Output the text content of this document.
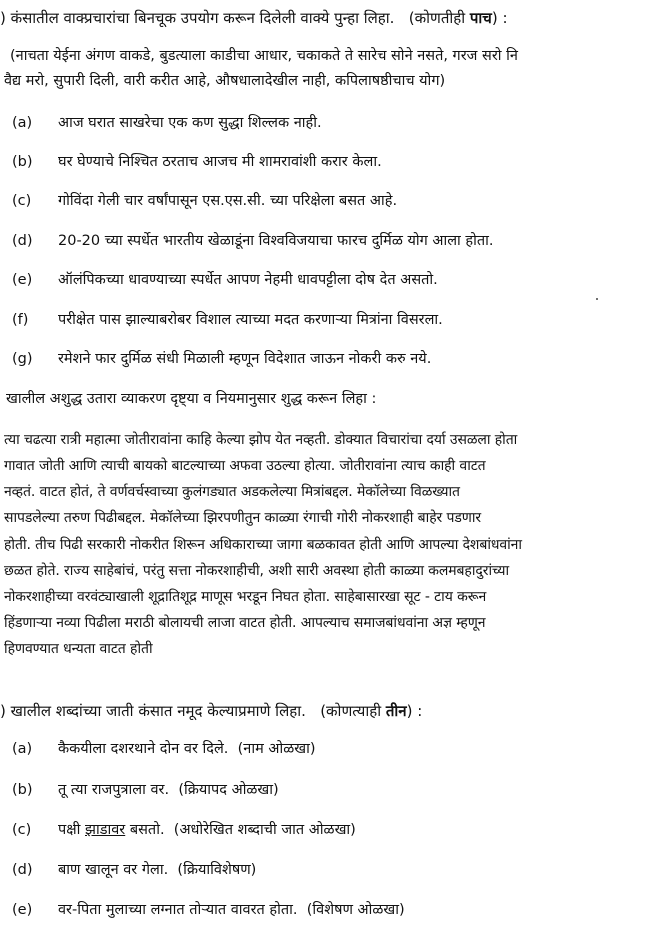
) कंसातील वाक्प्रचारांचा बिनचूक उपयोग करून दिलेली वाक्ये पुन्हा लिहा. (कोणतीही पाच) :
(नाचता येईना अंगण वाकडे, बुडत्याला काडीचा आधार, चकाकते ते सारेच सोने नसते, गरज सरो नि
वैद्य मरो, सुपारी दिली, वारी करीत आहे, औषधालादेखील नाही, कपिलाषष्ठीचाच योग)
(a) आज घरात साखरेचा एक कण सुद्धा शिल्लक नाही.
(b) घर घेण्याचे निश्चित ठरताच आजच मी शामरावांशी करार केला.
(c) गोविंदा गेली चार वर्षांपासून एस.एस.सी. च्या परिक्षेला बसत आहे.
(d) 20-20 च्या स्पर्धेत भारतीय खेळाडूंना विश्वविजयाचा फारच दुर्मिळ योग आला होता.
(e) ऑलंपिकच्या धावण्याच्या स्पर्धेत आपण नेहमी धावपट्टीला दोष देत असतो.
(f) परीक्षेत पास झाल्याबरोबर विशाल त्याच्या मदत करणाऱ्या मित्रांना विसरला.
(g) रमेशने फार दुर्मिळ संधी मिळाली म्हणून विदेशात जाऊन नोकरी करु नये.
खालील अशुद्ध उतारा व्याकरण दृष्ट्या व नियमानुसार शुद्ध करून लिहा :
त्या चढत्या रात्री महात्मा जोतीरावांना काहि केल्या झोप येत नव्हती. डोक्यात विचारांचा दर्या उसळला होता
गावात जोती आणि त्याची बायको बाटल्याच्या अफवा उठल्या होत्या. जोतीरावांना त्याच काही वाटत
नव्हतं. वाटत होतं, ते वर्णवर्चस्वाच्या कुलंगड्यात अडकलेल्या मित्रांबद्दल. मेकॉलेच्या विळख्यात
सापडलेल्या तरुण पिढीबद्दल. मेकॉलेच्या झिरपणीतुन काळ्या रंगाची गोरी नोकरशाही बाहेर पडणार
होती. तीच पिढी सरकारी नोकरीत शिरून अधिकाराच्या जागा बळकावत होती आणि आपल्या देशबांधवांना
छळत होते. राज्य साहेबांचं, परंतु सत्ता नोकरशाहीची, अशी सारी अवस्था होती काळ्या कलमबहादुरांच्या
नोकरशाहीच्या वरवंट्याखाली शूद्रातिशूद्र माणूस भरडून निघत होता. साहेबासारखा सूट - टाय करून
हिंडणाऱ्या नव्या पिढीला मराठी बोलायची लाजा वाटत होती. आपल्याच समाजबांधवांना अज्ञ म्हणून
हिणवण्यात धन्यता वाटत होती
) खालील शब्दांच्या जाती कंसात नमूद केल्याप्रमाणे लिहा. (कोणत्याही तीन) :
(a) कैकयीला दशरथाने दोन वर दिले. (नाम ओळखा)
(b) तू त्या राजपुत्राला वर. (क्रियापद ओळखा)
(c) पक्षी झाडावर बसतो. (अधोरेखित शब्दाची जात ओळखा)
(d) बाण खालून वर गेला. (क्रियाविशेषण)
(e) वर-पिता मुलाच्या लग्नात तोऱ्यात वावरत होता. (विशेषण ओळखा)
